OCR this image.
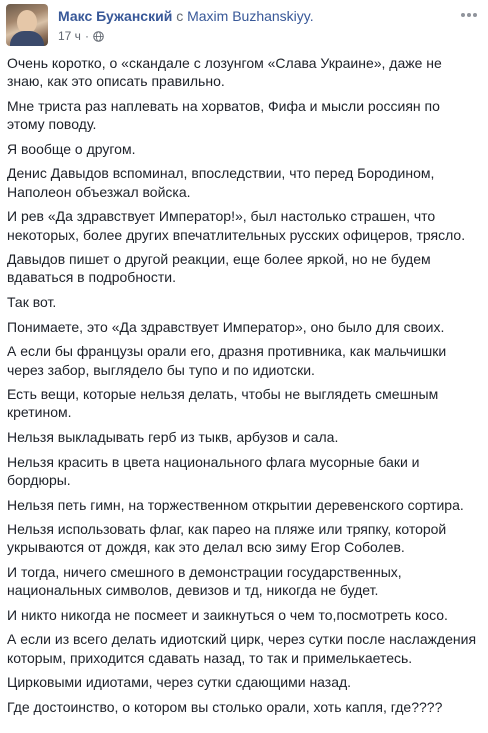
Макс Бужанский с Maxim Buzhanskiyy.
17 ч ·

Очень коротко, о «скандале с лозунгом «Слава Украине», даже не знаю, как это описать правильно.

Мне триста раз наплевать на хорватов, Фифа и мысли россиян по этому поводу.

Я вообще о другом.

Денис Давыдов вспоминал, впоследствии, что перед Бородином, Наполеон объезжал войска.

И рев «Да здравствует Император!», был настолько страшен, что некоторых, более других впечатлительных русских офицеров, трясло.

Давыдов пишет о другой реакции, еще более яркой, но не будем вдаваться в подробности.

Так вот.

Понимаете, это «Да здравствует Император», оно было для своих.

А если бы французы орали его, дразня противника, как мальчишки через забор, выглядело бы тупо и по идиотски.

Есть вещи, которые нельзя делать, чтобы не выглядеть смешным кретином.

Нельзя выкладывать герб из тыкв, арбузов и сала.

Нельзя красить в цвета национального флага мусорные баки и бордюры.

Нельзя петь гимн, на торжественном открытии деревенского сортира.

Нельзя использовать флаг, как парео на пляже или тряпку, которой укрываются от дождя, как это делал всю зиму Егор Соболев.

И тогда, ничего смешного в демонстрации государственных, национальных символов, девизов и тд, никогда не будет.

И никто никогда не посмеет и заикнуться о чем то,посмотреть косо.

А если из всего делать идиотский цирк, через сутки после наслаждения которым, приходится сдавать назад, то так и примелькаетесь.

Цирковыми идиотами, через сутки сдающими назад.

Где достоинство, о котором вы столько орали, хоть капля, где????
